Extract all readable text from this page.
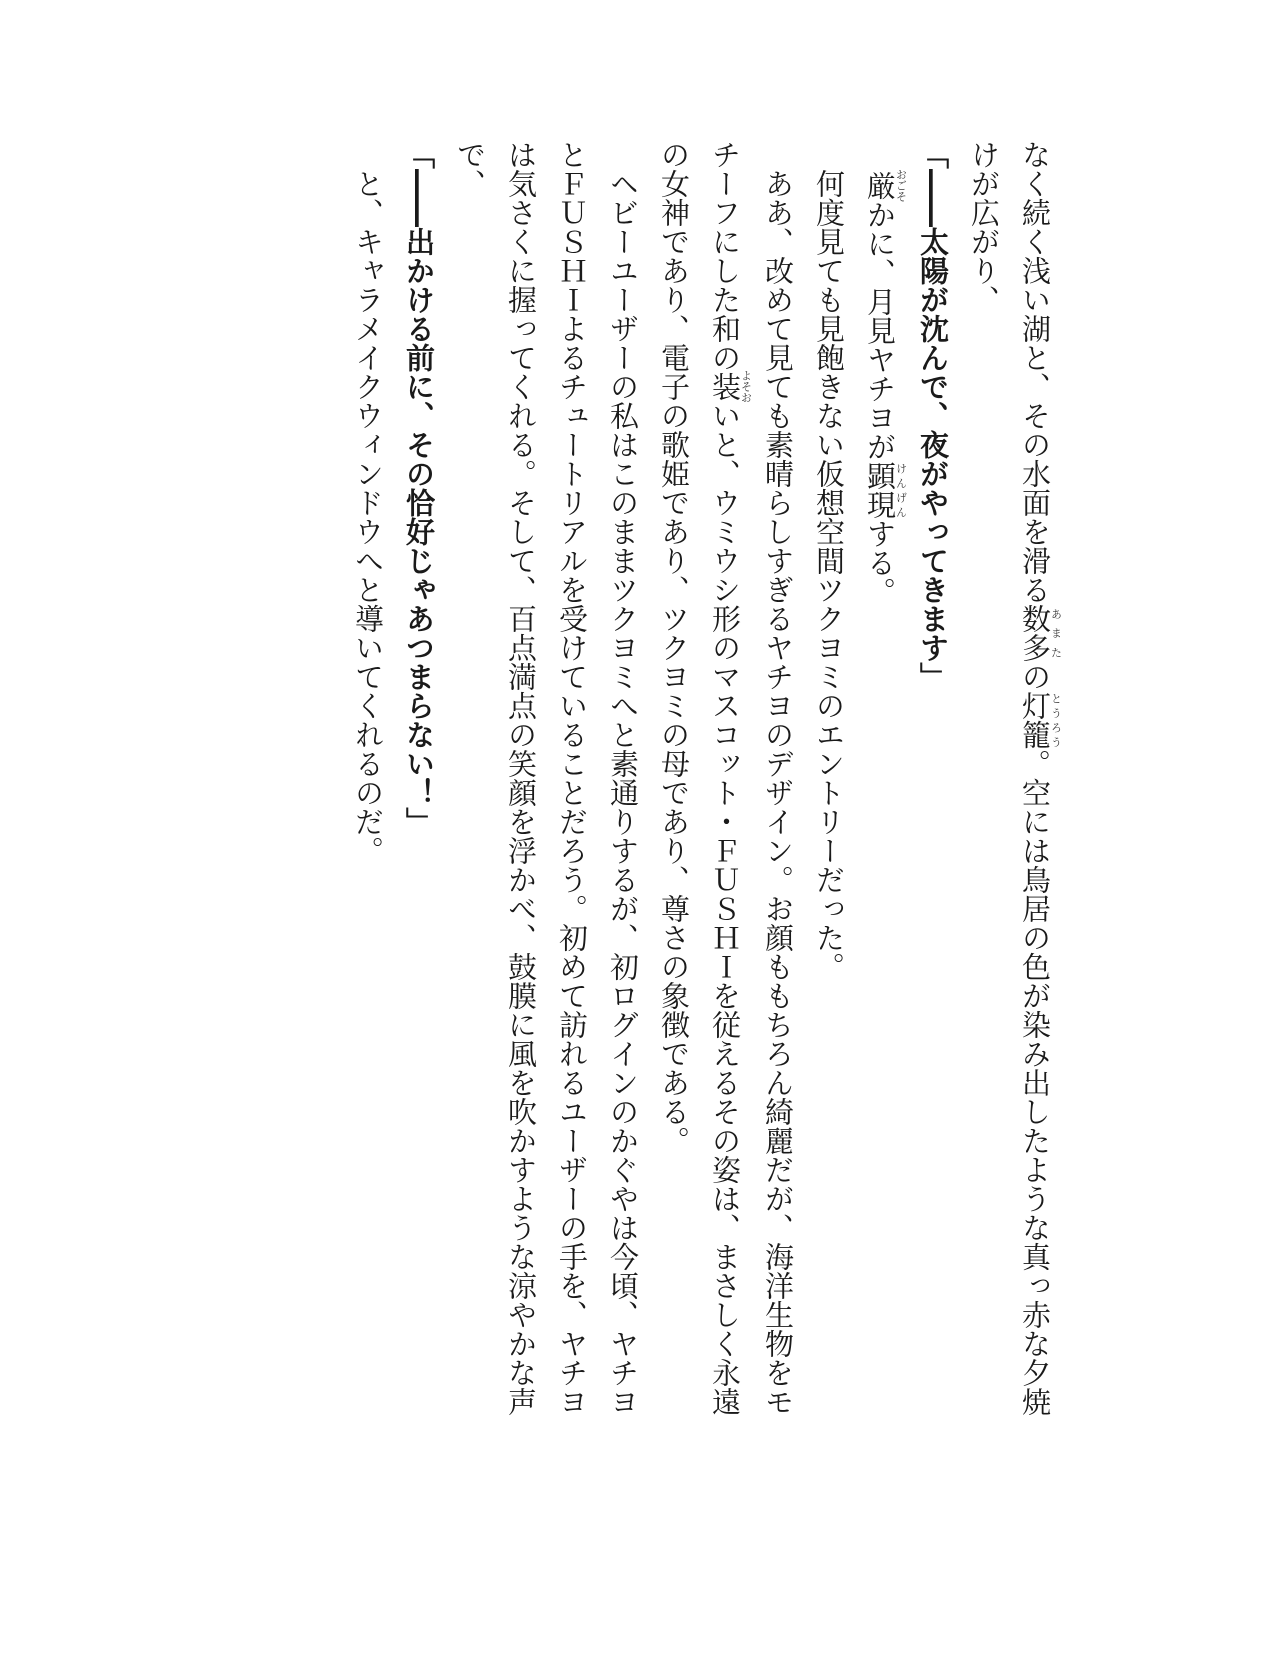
なく続く浅い湖と、その水面を滑る数多あまたの灯籠とうろう。空には鳥居の色が染み出したような真っ赤な夕焼
けが広がり、
「――太陽が沈んで、夜がやってきます」
厳おごそかに、月見ヤチヨが顕現けんげんする。
何度見ても見飽きない仮想空間ツクヨミのエントリーだった。
ああ、改めて見ても素晴らしすぎるヤチヨのデザイン。お顔ももちろん綺麗だが、海洋生物をモ
チーフにした和の装よそおいと、ウミウシ形のマスコット・ＦＵＳＨＩを従えるその姿は、まさしく永遠
の女神であり、電子の歌姫であり、ツクヨミの母であり、尊さの象徴である。
ヘビーユーザーの私はこのままツクヨミへと素通りするが、初ログインのかぐやは今頃、ヤチヨ
とＦＵＳＨＩよるチュートリアルを受けていることだろう。初めて訪れるユーザーの手を、ヤチヨ
は気さくに握ってくれる。そして、百点満点の笑顔を浮かべ、鼓膜に風を吹かすような涼やかな声
で、
「――出かける前に、その恰好じゃあつまらない！」
と、キャラメイクウィンドウへと導いてくれるのだ。
